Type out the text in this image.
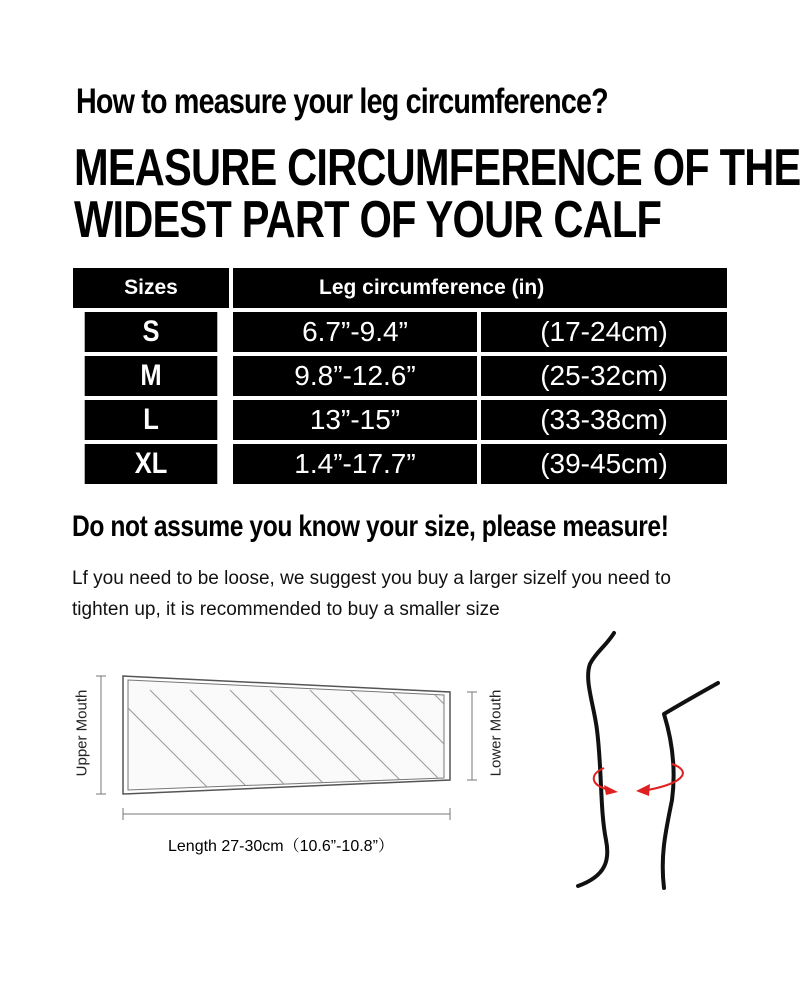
How to measure your leg circumference?
MEASURE CIRCUMFERENCE OF THE
WIDEST PART OF YOUR CALF
Sizes	Leg circumference (in)
S	6.7”-9.4”	(17-24cm)
M	9.8”-12.6”	(25-32cm)
L	13”-15”	(33-38cm)
XL	1.4”-17.7”	(39-45cm)
Do not assume you know your size, please measure!
Lf you need to be loose, we suggest you buy a larger sizelf you need to tighten up, it is recommended to buy a smaller size
Upper Mouth	Lower Mouth
Length 27-30cm（10.6”-10.8”）
